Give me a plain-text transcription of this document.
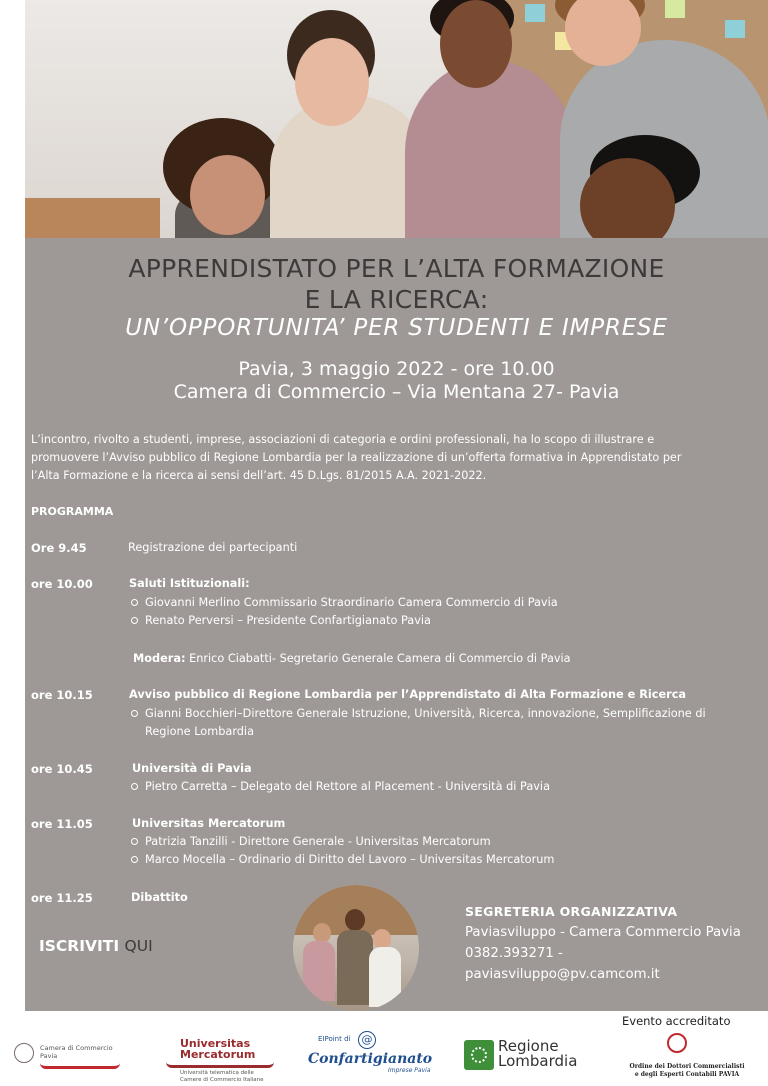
APPRENDISTATO PER L’ALTA FORMAZIONE
E LA RICERCA:
UN’OPPORTUNITA’ PER STUDENTI E IMPRESE
Pavia, 3 maggio 2022 - ore 10.00
Camera di Commercio – Via Mentana 27- Pavia
L’incontro, rivolto a studenti, imprese, associazioni di categoria e ordini professionali, ha lo scopo di illustrare e
promuovere l’Avviso pubblico di Regione Lombardia per la realizzazione di un’offerta formativa in Apprendistato per
l’Alta Formazione e la ricerca ai sensi dell’art. 45 D.Lgs. 81/2015 A.A. 2021-2022.
PROGRAMMA
Ore 9.45	Registrazione dei partecipanti
ore 10.00	Saluti Istituzionali:
Giovanni Merlino Commissario Straordinario Camera Commercio di Pavia
Renato Perversi – Presidente Confartigianato Pavia
Modera: Enrico Ciabatti- Segretario Generale Camera di Commercio di Pavia
ore 10.15	Avviso pubblico di Regione Lombardia per l’Apprendistato di Alta Formazione e Ricerca
Gianni Bocchieri–Direttore Generale Istruzione, Università, Ricerca, innovazione, Semplificazione di
Regione Lombardia
ore 10.45	Università di Pavia
Pietro Carretta – Delegato del Rettore al Placement - Università di Pavia
ore 11.05	Universitas Mercatorum
Patrizia Tanzilli - Direttore Generale - Universitas Mercatorum
Marco Mocella – Ordinario di Diritto del Lavoro – Universitas Mercatorum
ore 11.25	Dibattito
ISCRIVITI QUI
SEGRETERIA ORGANIZZATIVA
Paviasviluppo - Camera Commercio Pavia
0382.393271 -
paviasviluppo@pv.camcom.it
Camera di Commercio Pavia
Universitas Mercatorum
Università telematica delle
Camere di Commercio Italiane
EIPoint di	@
Confartigianato
Imprese Pavia
Regione
Lombardia
Evento accreditato
Ordine dei Dottori Commercialisti
e degli Esperti Contabili PAVIA
